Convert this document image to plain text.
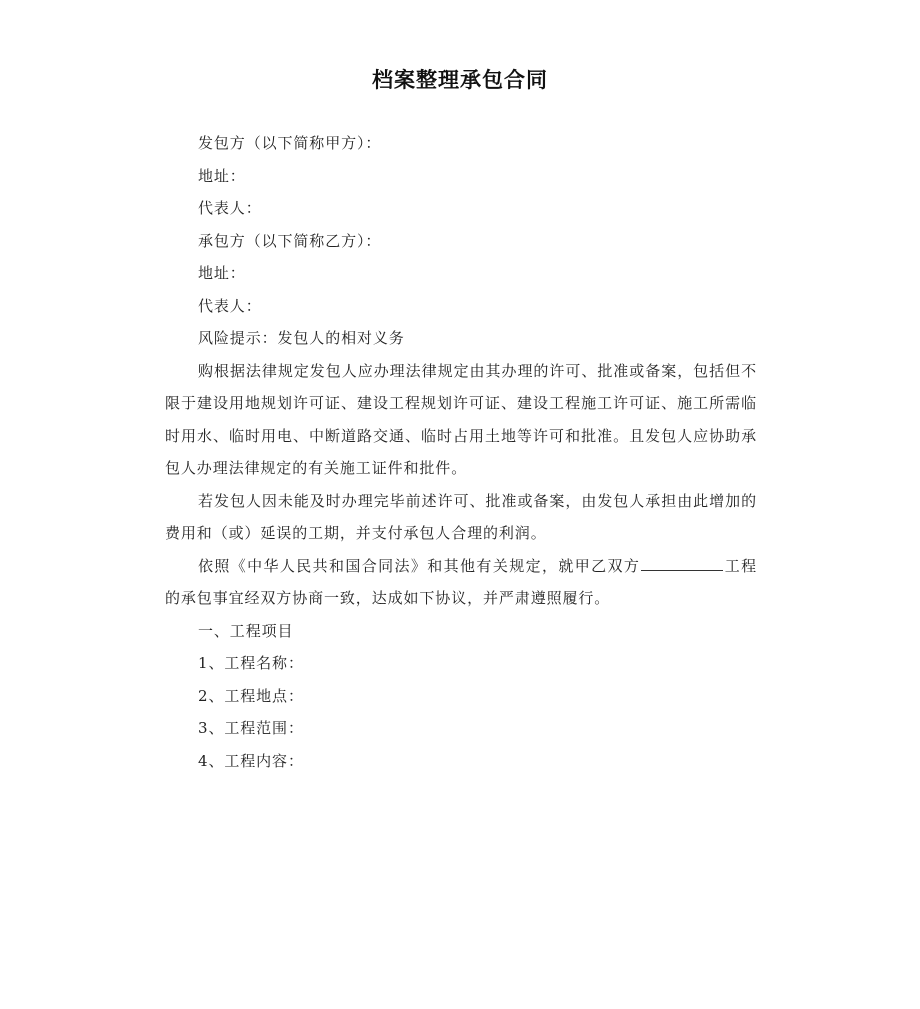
档案整理承包合同

发包方（以下简称甲方）：

地址：

代表人：

承包方（以下简称乙方）：

地址：

代表人：

风险提示：发包人的相对义务

购根据法律规定发包人应办理法律规定由其办理的许可、批准或备案，包括但不限于建设用地规划许可证、建设工程规划许可证、建设工程施工许可证、施工所需临时用水、临时用电、中断道路交通、临时占用土地等许可和批准。且发包人应协助承包人办理法律规定的有关施工证件和批件。

若发包人因未能及时办理完毕前述许可、批准或备案，由发包人承担由此增加的费用和（或）延误的工期，并支付承包人合理的利润。

依照《中华人民共和国合同法》和其他有关规定，就甲乙双方	工程的承包事宜经双方协商一致，达成如下协议，并严肃遵照履行。

一、工程项目

1、工程名称：

2、工程地点：

3、工程范围：

4、工程内容：
